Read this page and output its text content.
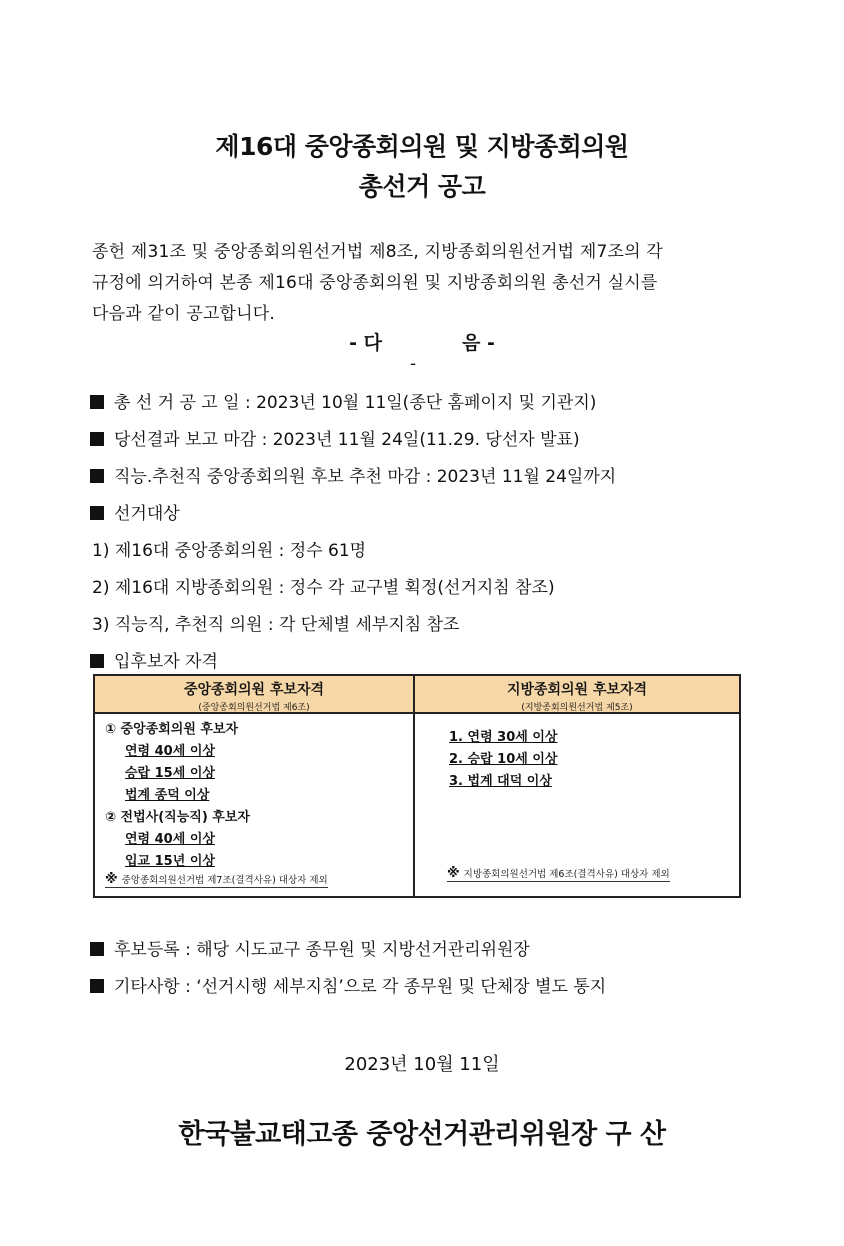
제16대 중앙종회의원 및 지방종회의원
총선거 공고

종헌 제31조 및 중앙종회의원선거법 제8조, 지방종회의원선거법 제7조의 각

규정에 의거하여 본종 제16대 중앙종회의원 및 지방종회의원 총선거 실시를

다음과 같이 공고합니다.

- 다	음 -
-
총 선 거 공 고 일 : 2023년 10월 11일(종단 홈페이지 및 기관지)
당선결과 보고 마감 : 2023년 11월 24일(11.29. 당선자 발표)
직능.추천직 중앙종회의원 후보 추천 마감 : 2023년 11월 24일까지
선거대상
1) 제16대 중앙종회의원 : 정수 61명
2) 제16대 지방종회의원 : 정수 각 교구별 획정(선거지침 참조)
3) 직능직, 추천직 의원 : 각 단체별 세부지침 참조
입후보자 자격
중앙종회의원 후보자격
(중앙종회의원선거법 제6조)
지방종회의원 후보자격
(지방종회의원선거법 제5조)
① 중앙종회의원 후보자
연령 40세 이상
승랍 15세 이상
법계 종덕 이상
② 전법사(직능직) 후보자
연령 40세 이상
입교 15년 이상
※ 중앙종회의원선거법 제7조(결격사유) 대상자 제외
1. 연령 30세 이상
2. 승랍 10세 이상
3. 법계 대덕 이상
※ 지방종회의원선거법 제6조(결격사유) 대상자 제외
후보등록 : 해당 시도교구 종무원 및 지방선거관리위원장
기타사항 : ‘선거시행 세부지침’으로 각 종무원 및 단체장 별도 통지
2023년 10월 11일
한국불교태고종 중앙선거관리위원장 구 산
